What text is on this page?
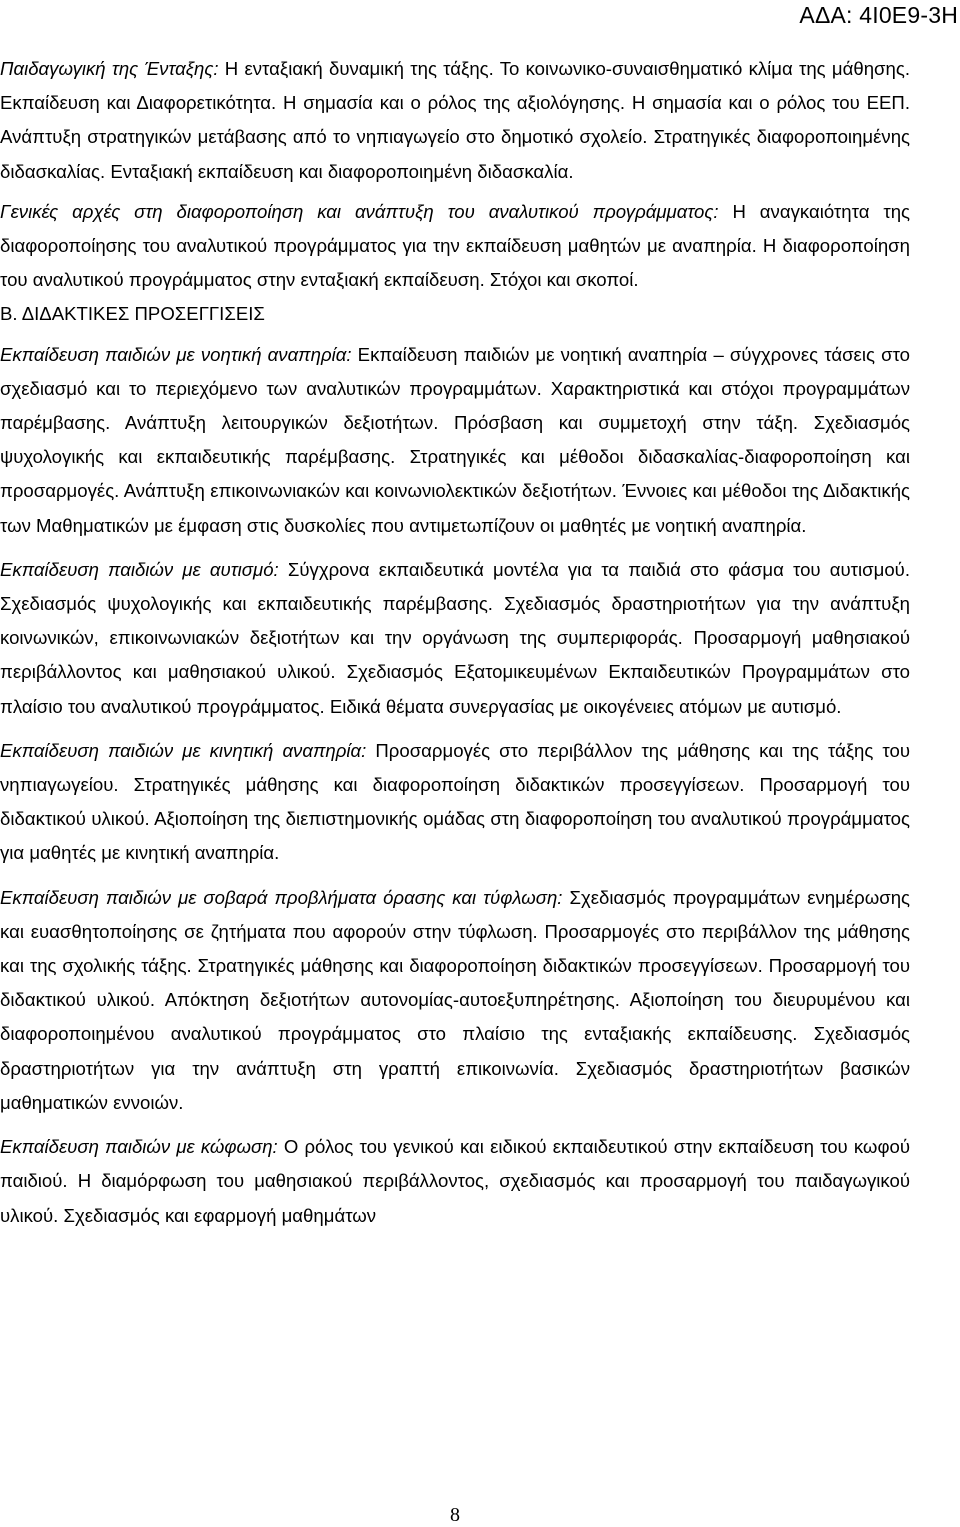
ΑΔΑ: 4Ι0Ε9-3Η

Παιδαγωγική της Ένταξης: Η ενταξιακή δυναμική της τάξης. Το κοινωνικο-συναισθηματικό κλίμα της μάθησης. Εκπαίδευση και Διαφορετικότητα. Η σημασία και ο ρόλος της αξιολόγησης. Η σημασία και ο ρόλος του ΕΕΠ. Ανάπτυξη στρατηγικών μετάβασης από το νηπιαγωγείο στο δημοτικό σχολείο. Στρατηγικές διαφοροποιημένης διδασκαλίας. Ενταξιακή εκπαίδευση και διαφοροποιημένη διδασκαλία.

Γενικές αρχές στη διαφοροποίηση και ανάπτυξη του αναλυτικού προγράμματος: Η αναγκαιότητα της διαφοροποίησης του αναλυτικού προγράμματος για την εκπαίδευση μαθητών με αναπηρία. Η διαφοροποίηση του αναλυτικού προγράμματος στην ενταξιακή εκπαίδευση. Στόχοι και σκοποί.

Β. ΔΙΔΑΚΤΙΚΕΣ ΠΡΟΣΕΓΓΙΣΕΙΣ

Εκπαίδευση παιδιών με νοητική αναπηρία: Εκπαίδευση παιδιών με νοητική αναπηρία – σύγχρονες τάσεις στο σχεδιασμό και το περιεχόμενο των αναλυτικών προγραμμάτων. Χαρακτηριστικά και στόχοι προγραμμάτων παρέμβασης. Ανάπτυξη λειτουργικών δεξιοτήτων. Πρόσβαση και συμμετοχή στην τάξη. Σχεδιασμός ψυχολογικής και εκπαιδευτικής παρέμβασης. Στρατηγικές και μέθοδοι διδασκαλίας-διαφοροποίηση και προσαρμογές. Ανάπτυξη επικοινωνιακών και κοινωνιολεκτικών δεξιοτήτων. Έννοιες και μέθοδοι της Διδακτικής των Μαθηματικών με έμφαση στις δυσκολίες που αντιμετωπίζουν οι μαθητές με νοητική αναπηρία.

Εκπαίδευση παιδιών με αυτισμό: Σύγχρονα εκπαιδευτικά μοντέλα για τα παιδιά στο φάσμα του αυτισμού. Σχεδιασμός ψυχολογικής και εκπαιδευτικής παρέμβασης. Σχεδιασμός δραστηριοτήτων για την ανάπτυξη κοινωνικών, επικοινωνιακών δεξιοτήτων και την οργάνωση της συμπεριφοράς. Προσαρμογή μαθησιακού περιβάλλοντος και μαθησιακού υλικού. Σχεδιασμός Εξατομικευμένων Εκπαιδευτικών Προγραμμάτων στο πλαίσιο του αναλυτικού προγράμματος. Ειδικά θέματα συνεργασίας με οικογένειες ατόμων με αυτισμό.

Εκπαίδευση παιδιών με κινητική αναπηρία: Προσαρμογές στο περιβάλλον της μάθησης και της τάξης του νηπιαγωγείου. Στρατηγικές μάθησης και διαφοροποίηση διδακτικών προσεγγίσεων. Προσαρμογή του διδακτικού υλικού. Αξιοποίηση της διεπιστημονικής ομάδας στη διαφοροποίηση του αναλυτικού προγράμματος για μαθητές με κινητική αναπηρία.

Εκπαίδευση παιδιών με σοβαρά προβλήματα όρασης και τύφλωση: Σχεδιασμός προγραμμάτων ενημέρωσης και ευασθητοποίησης σε ζητήματα που αφορούν στην τύφλωση. Προσαρμογές στο περιβάλλον της μάθησης και της σχολικής τάξης. Στρατηγικές μάθησης και διαφοροποίηση διδακτικών προσεγγίσεων. Προσαρμογή του διδακτικού υλικού. Απόκτηση δεξιοτήτων αυτονομίας-αυτοεξυπηρέτησης. Αξιοποίηση του διευρυμένου και διαφοροποιημένου αναλυτικού προγράμματος στο πλαίσιο της ενταξιακής εκπαίδευσης. Σχεδιασμός δραστηριοτήτων για την ανάπτυξη στη γραπτή επικοινωνία. Σχεδιασμός δραστηριοτήτων βασικών μαθηματικών εννοιών.

Εκπαίδευση παιδιών με κώφωση: Ο ρόλος του γενικού και ειδικού εκπαιδευτικού στην εκπαίδευση του κωφού παιδιού. Η διαμόρφωση του μαθησιακού περιβάλλοντος, σχεδιασμός και προσαρμογή του παιδαγωγικού υλικού. Σχεδιασμός και εφαρμογή μαθημάτων

8
